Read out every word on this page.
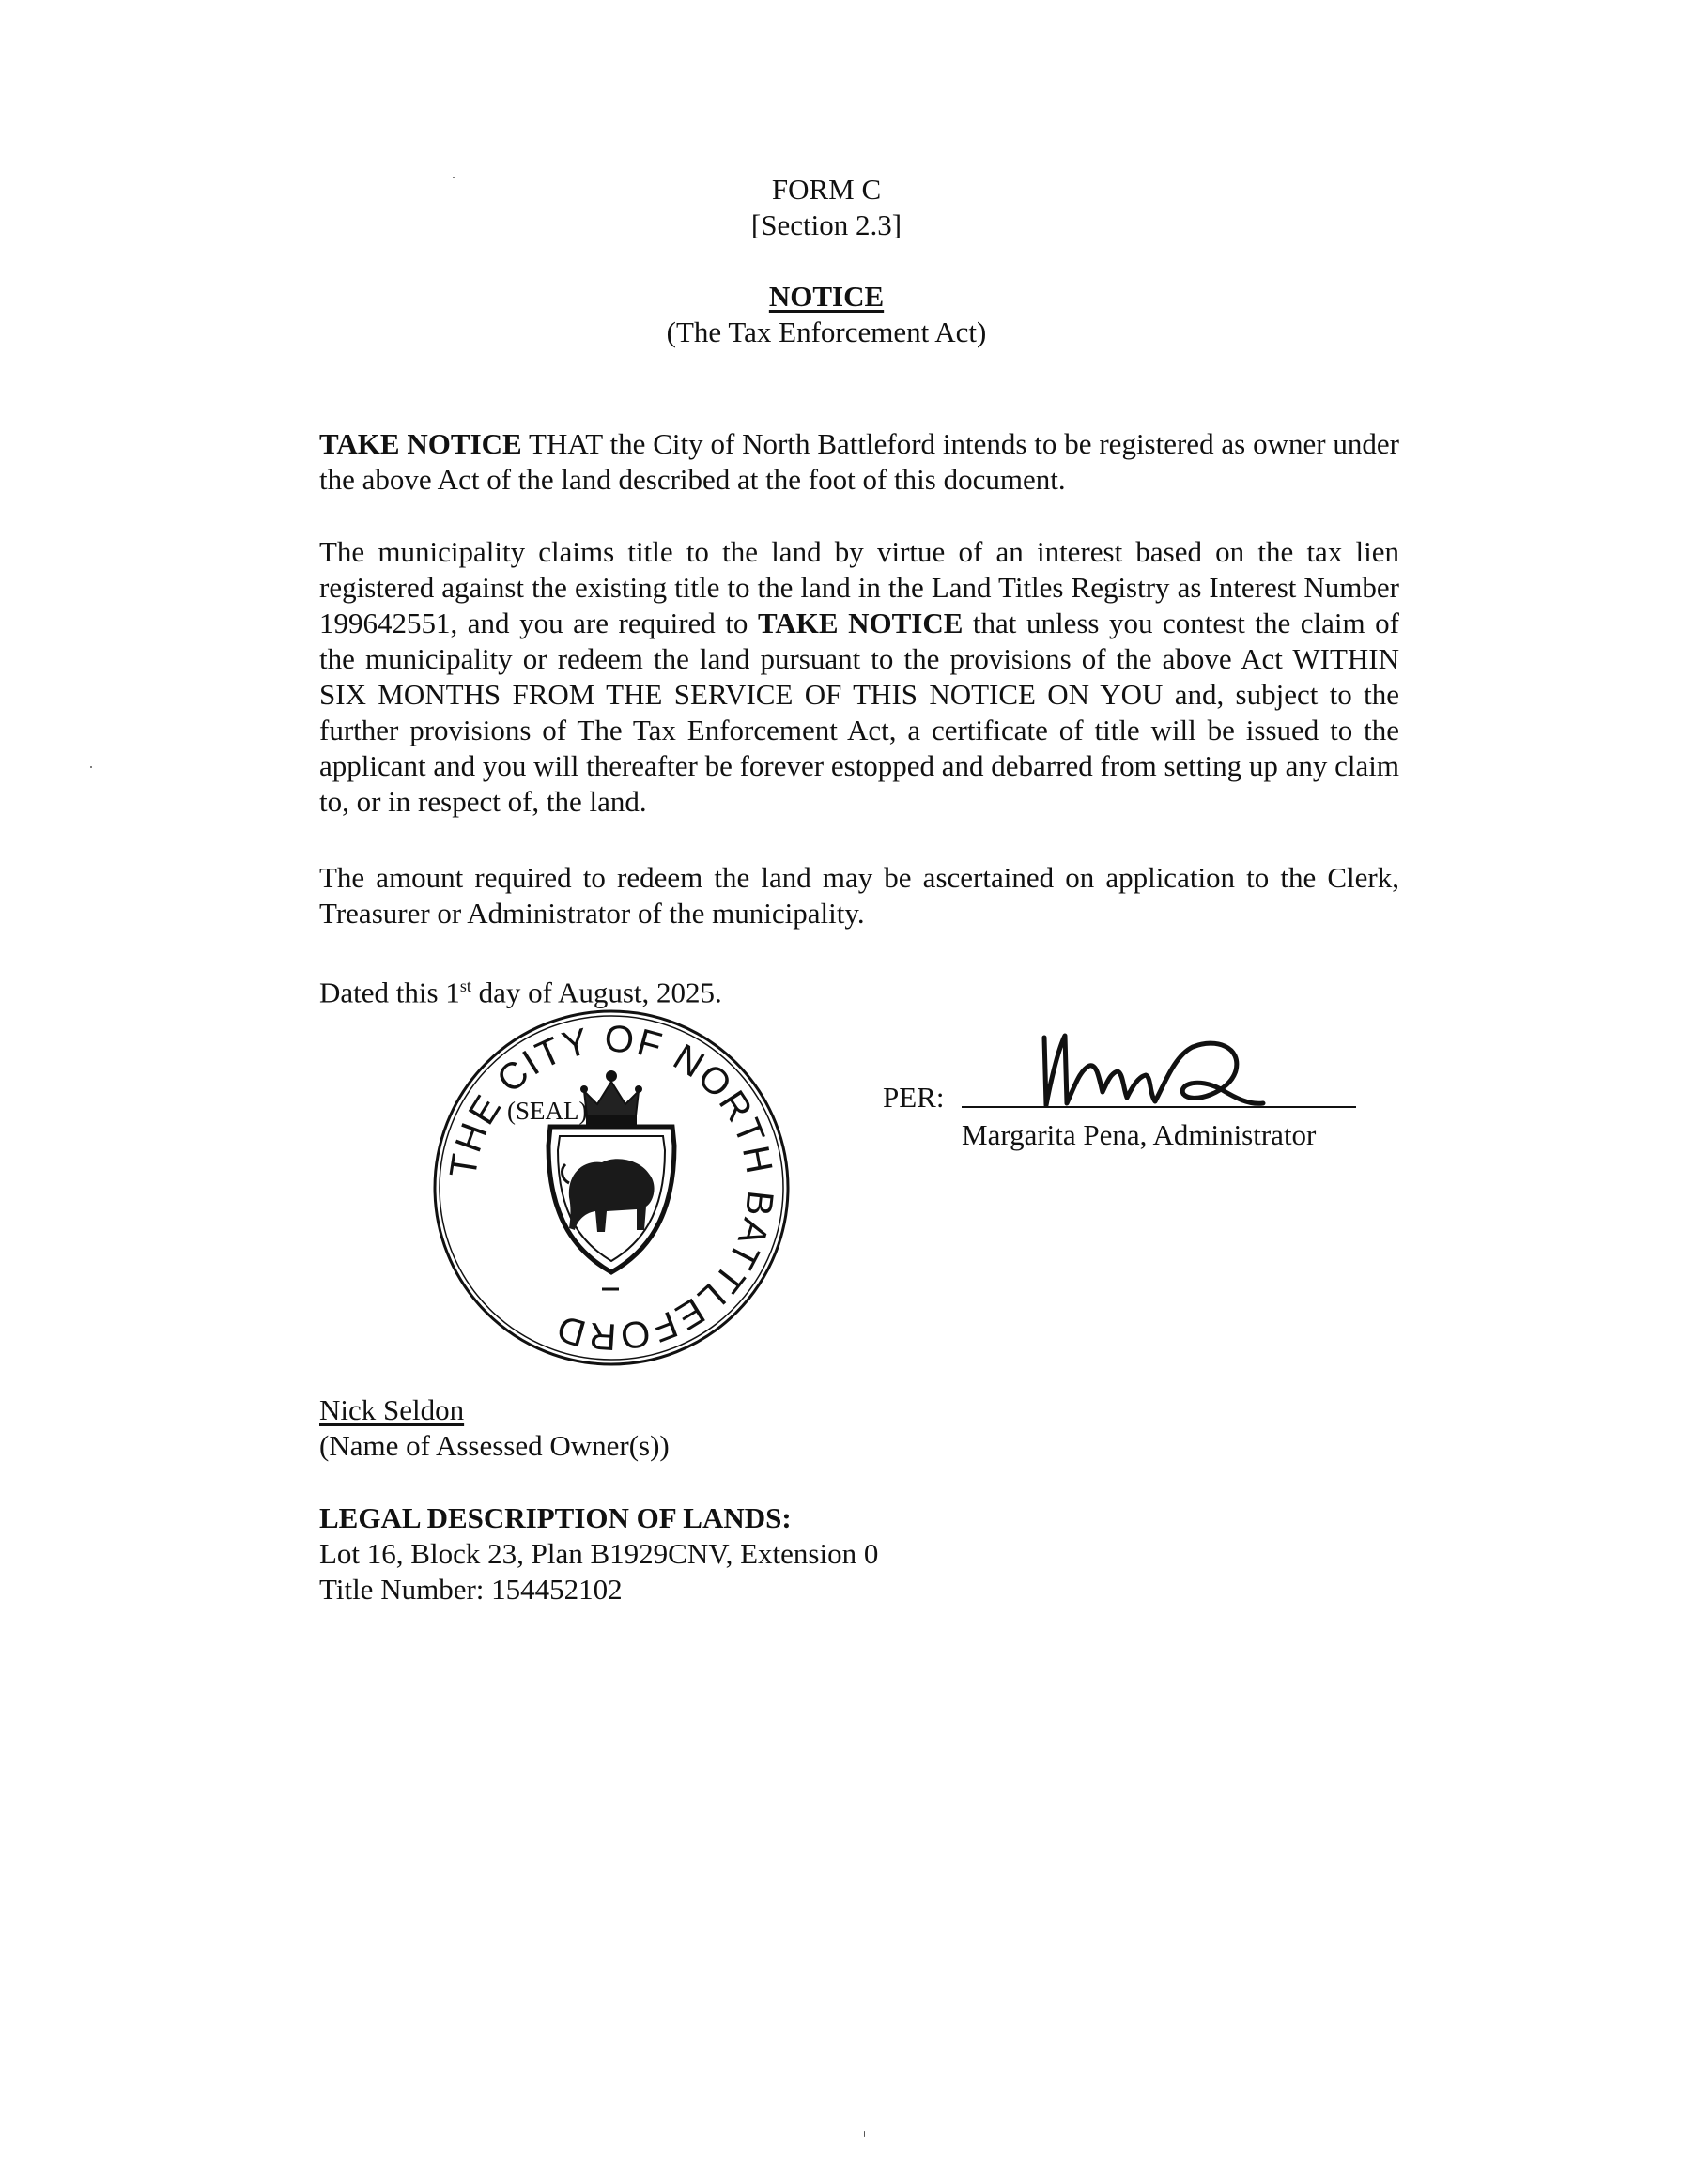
FORM C
[Section 2.3]
NOTICE
(The Tax Enforcement Act)
TAKE NOTICE THAT the City of North Battleford intends to be registered as owner under the above Act of the land described at the foot of this document.
The municipality claims title to the land by virtue of an interest based on the tax lien registered against the existing title to the land in the Land Titles Registry as Interest Number 199642551, and you are required to TAKE NOTICE that unless you contest the claim of the municipality or redeem the land pursuant to the provisions of the above Act WITHIN SIX MONTHS FROM THE SERVICE OF THIS NOTICE ON YOU and, subject to the further provisions of The Tax Enforcement Act, a certificate of title will be issued to the applicant and you will thereafter be forever estopped and debarred from setting up any claim to, or in respect of, the land.
The amount required to redeem the land may be ascertained on application to the Clerk, Treasurer or Administrator of the municipality.
Dated this 1st day of August, 2025.
THE CITY OF NORTH BATTLEFORD
(SEAL)	PER:
Margarita Pena, Administrator
Nick Seldon
(Name of Assessed Owner(s))
LEGAL DESCRIPTION OF LANDS:
Lot 16, Block 23, Plan B1929CNV, Extension 0
Title Number: 154452102
